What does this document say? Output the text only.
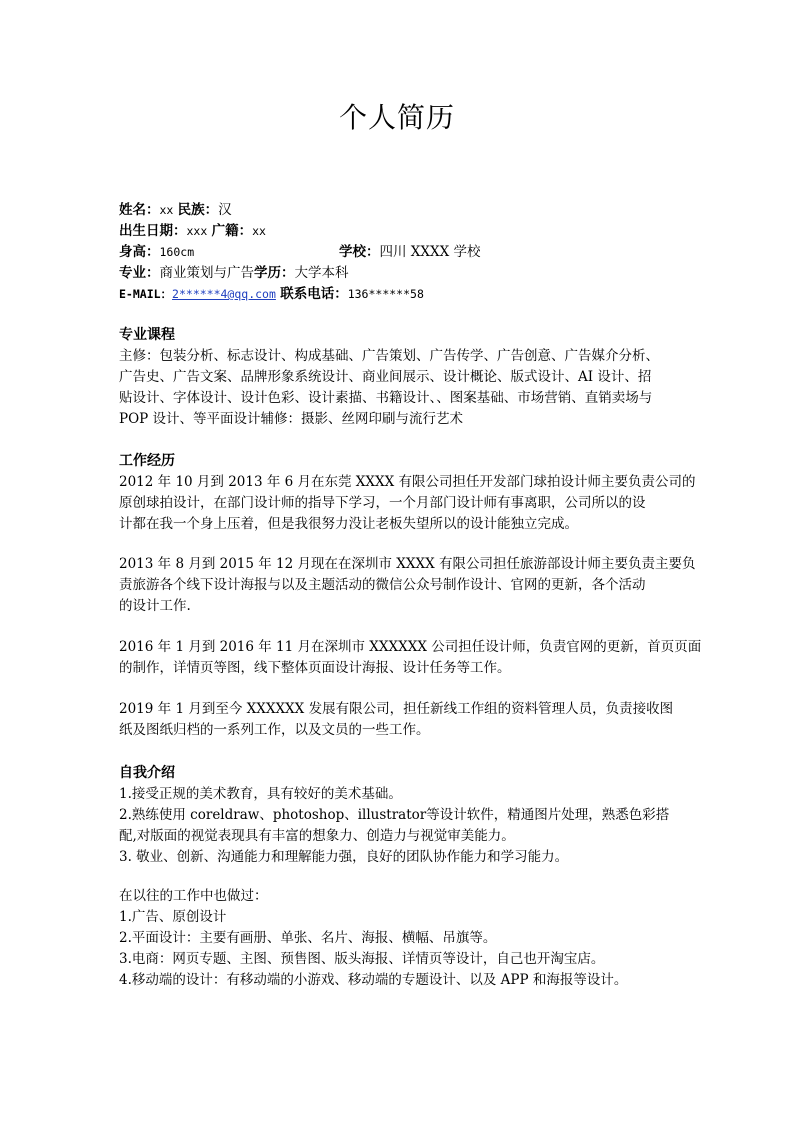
个人简历
姓名：xx 民族：汉
出生日期：xxx 广籍：xx
身高：160cm	学校：四川 XXXX 学校
专业：商业策划与广告学历：大学本科
E-MAIL：2******4@qq.com 联系电话：136******58
专业课程
主修：包装分析、标志设计、构成基础、广告策划、广告传学、广告创意、广告媒介分析、
广告史、广告文案、品牌形象系统设计、商业间展示、设计概论、版式设计、AI 设计、招
贴设计、字体设计、设计色彩、设计素描、书籍设计、、图案基础、市场营销、直销卖场与
POP 设计、等平面设计辅修：摄影、丝网印刷与流行艺术
工作经历
2012 年 10 月到 2013 年 6 月在东莞 XXXX 有限公司担任开发部门球拍设计师主要负责公司的
原创球拍设计，在部门设计师的指导下学习，一个月部门设计师有事离职，公司所以的设
计都在我一个身上压着，但是我很努力没让老板失望所以的设计能独立完成。
2013 年 8 月到 2015 年 12 月现在在深圳市 XXXX 有限公司担任旅游部设计师主要负责主要负
责旅游各个线下设计海报与以及主题活动的微信公众号制作设计、官网的更新，各个活动
的设计工作.
2016 年 1 月到 2016 年 11 月在深圳市 XXXXXX 公司担任设计师，负责官网的更新，首页页面
的制作，详情页等图，线下整体页面设计海报、设计任务等工作。
2019 年 1 月到至今 XXXXXX 发展有限公司，担任新线工作组的资料管理人员，负责接收图
纸及图纸归档的一系列工作，以及文员的一些工作。
自我介绍
1.接受正规的美术教育，具有较好的美术基础。
2.熟练使用 coreldraw、photoshop、illustrator等设计软件，精通图片处理，熟悉色彩搭
配,对版面的视觉表现具有丰富的想象力、创造力与视觉审美能力。
3. 敬业、创新、沟通能力和理解能力强，良好的团队协作能力和学习能力。
在以往的工作中也做过：
1.广告、原创设计
2.平面设计：主要有画册、单张、名片、海报、横幅、吊旗等。
3.电商：网页专题、主图、预售图、版头海报、详情页等设计，自己也开淘宝店。
4.移动端的设计：有移动端的小游戏、移动端的专题设计、以及 APP 和海报等设计。
